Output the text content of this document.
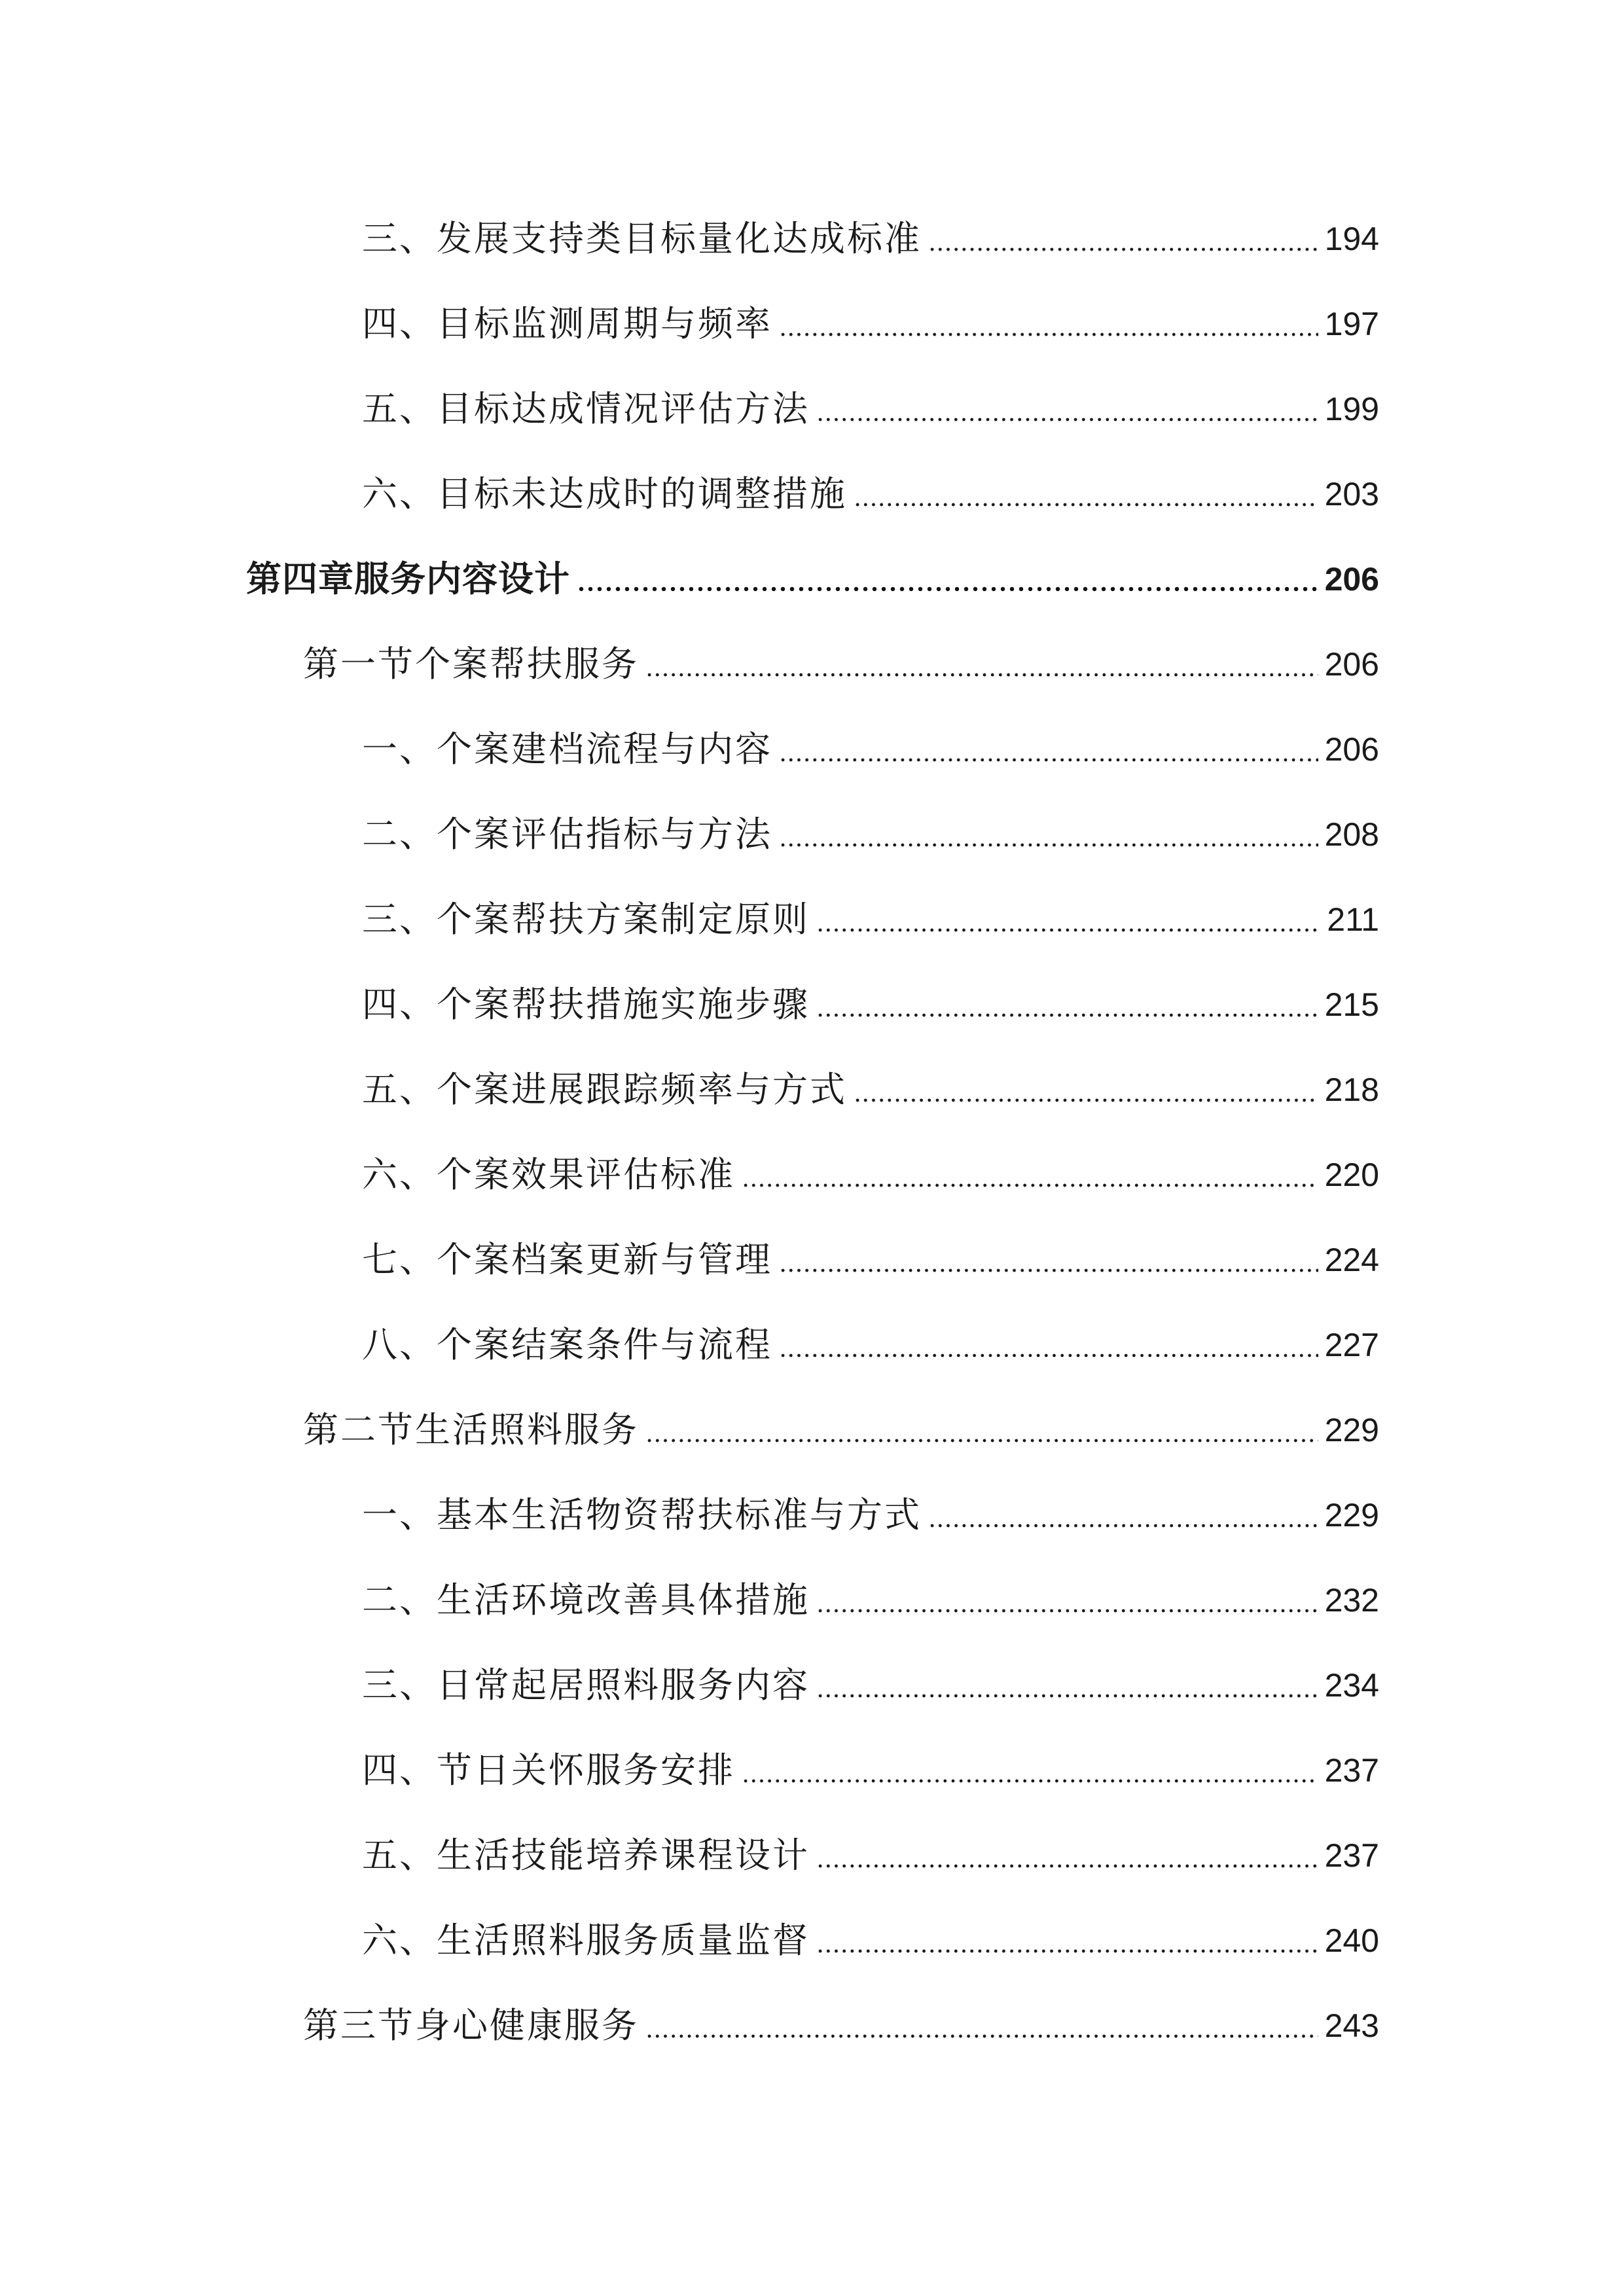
三、发展支持类目标量化达成标准	194
四、目标监测周期与频率	197
五、目标达成情况评估方法	199
六、目标未达成时的调整措施	203
第四章服务内容设计	206
第一节个案帮扶服务	206
一、个案建档流程与内容	206
二、个案评估指标与方法	208
三、个案帮扶方案制定原则	211
四、个案帮扶措施实施步骤	215
五、个案进展跟踪频率与方式	218
六、个案效果评估标准	220
七、个案档案更新与管理	224
八、个案结案条件与流程	227
第二节生活照料服务	229
一、基本生活物资帮扶标准与方式	229
二、生活环境改善具体措施	232
三、日常起居照料服务内容	234
四、节日关怀服务安排	237
五、生活技能培养课程设计	237
六、生活照料服务质量监督	240
第三节身心健康服务	243
